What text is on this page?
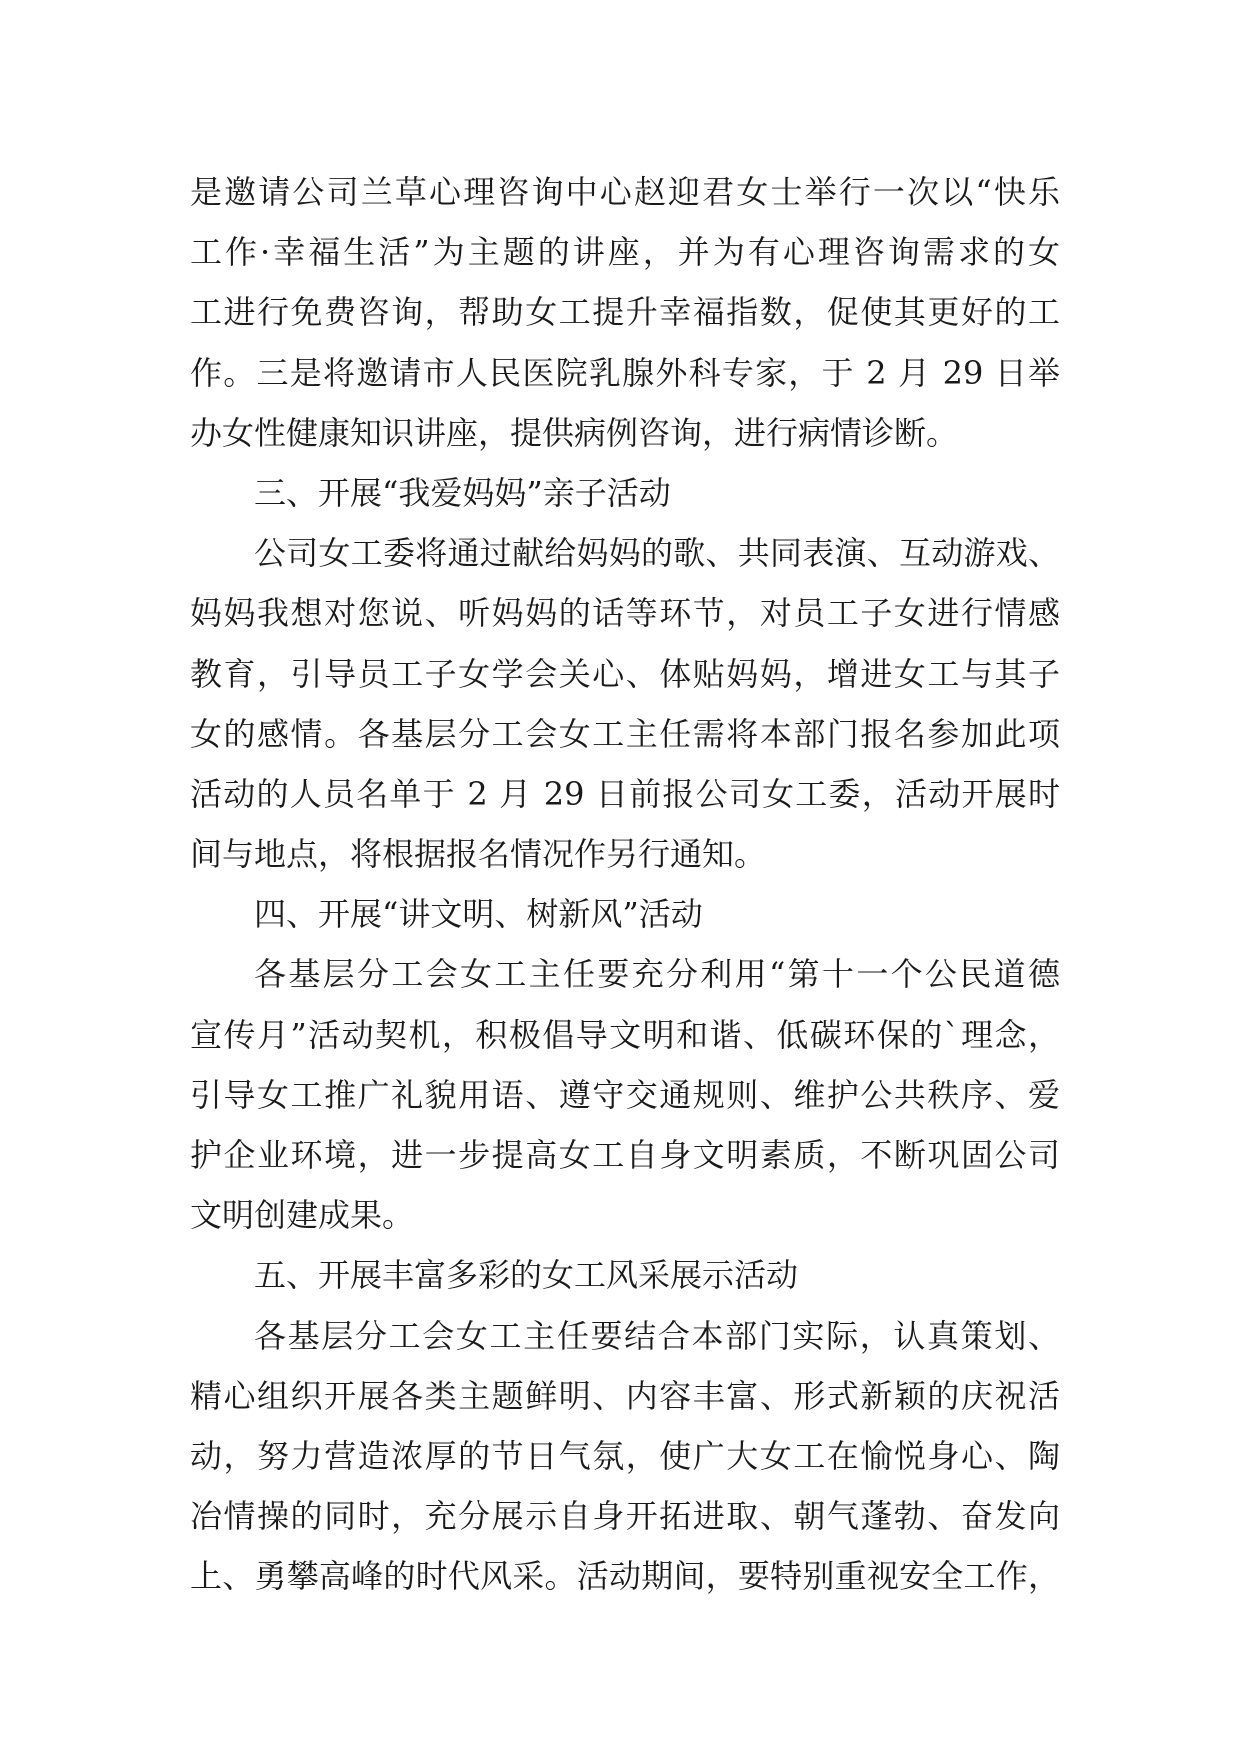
是邀请公司兰草心理咨询中心赵迎君女士举行一次以“快乐
工作·幸福生活”为主题的讲座，并为有心理咨询需求的女
工进行免费咨询，帮助女工提升幸福指数，促使其更好的工
作。三是将邀请市人民医院乳腺外科专家，于 2 月 29 日举
办女性健康知识讲座，提供病例咨询，进行病情诊断。
三、开展“我爱妈妈”亲子活动
公司女工委将通过献给妈妈的歌、共同表演、互动游戏、
妈妈我想对您说、听妈妈的话等环节，对员工子女进行情感
教育，引导员工子女学会关心、体贴妈妈，增进女工与其子
女的感情。各基层分工会女工主任需将本部门报名参加此项
活动的人员名单于 2 月 29 日前报公司女工委，活动开展时
间与地点，将根据报名情况作另行通知。
四、开展“讲文明、树新风”活动
各基层分工会女工主任要充分利用“第十一个公民道德
宣传月”活动契机，积极倡导文明和谐、低碳环保的`理念，
引导女工推广礼貌用语、遵守交通规则、维护公共秩序、爱
护企业环境，进一步提高女工自身文明素质，不断巩固公司
文明创建成果。
五、开展丰富多彩的女工风采展示活动
各基层分工会女工主任要结合本部门实际，认真策划、
精心组织开展各类主题鲜明、内容丰富、形式新颖的庆祝活
动，努力营造浓厚的节日气氛，使广大女工在愉悦身心、陶
冶情操的同时，充分展示自身开拓进取、朝气蓬勃、奋发向
上、勇攀高峰的时代风采。活动期间，要特别重视安全工作，
